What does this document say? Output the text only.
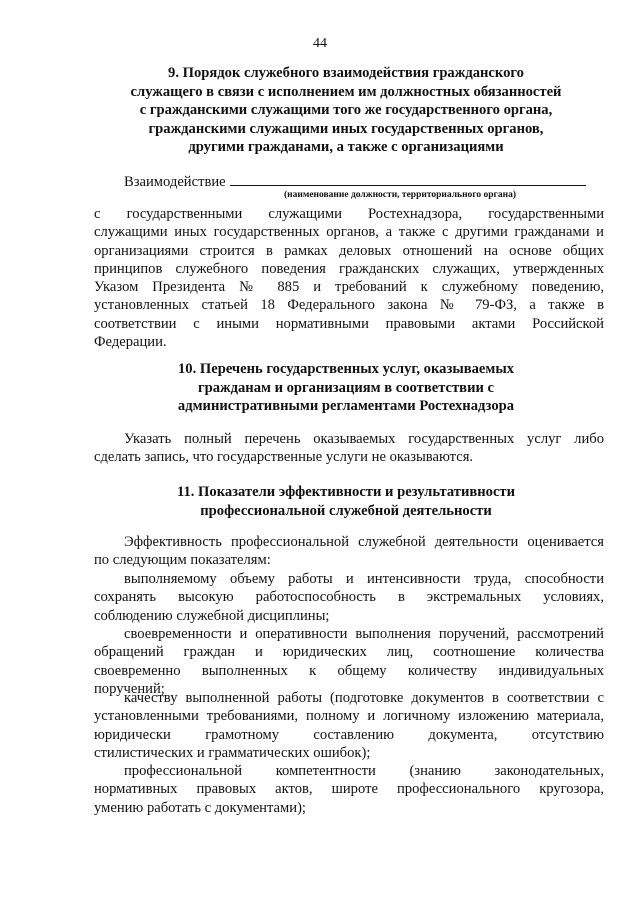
44
9. Порядок служебного взаимодействия гражданского
служащего в связи с исполнением им должностных обязанностей
с гражданскими служащими того же государственного органа,
гражданскими служащими иных государственных органов,
другими гражданами, а также с организациями
Взаимодействие
(наименование должности, территориального органа)
с государственными служащими Ростехнадзора, государственными
служащими иных государственных органов, а также с другими гражданами и
организациями строится в рамках деловых отношений на основе общих
принципов служебного поведения гражданских служащих, утвержденных
Указом Президента № 885 и требований к служебному поведению,
установленных статьей 18 Федерального закона № 79-ФЗ, а также в
соответствии с иными нормативными правовыми актами Российской
Федерации.
10. Перечень государственных услуг, оказываемых
гражданам и организациям в соответствии с
административными регламентами Ростехнадзора
Указать полный перечень оказываемых государственных услуг либо
сделать запись, что государственные услуги не оказываются.
11. Показатели эффективности и результативности
профессиональной служебной деятельности
Эффективность профессиональной служебной деятельности оценивается
по следующим показателям:
выполняемому объему работы и интенсивности труда, способности
сохранять высокую работоспособность в экстремальных условиях,
соблюдению служебной дисциплины;
своевременности и оперативности выполнения поручений, рассмотрений
обращений граждан и юридических лиц, соотношение количества
своевременно выполненных к общему количеству индивидуальных
поручений;
качеству выполненной работы (подготовке документов в соответствии с
установленными требованиями, полному и логичному изложению материала,
юридически грамотному составлению документа, отсутствию
стилистических и грамматических ошибок);
профессиональной компетентности (знанию законодательных,
нормативных правовых актов, широте профессионального кругозора,
умению работать с документами);
